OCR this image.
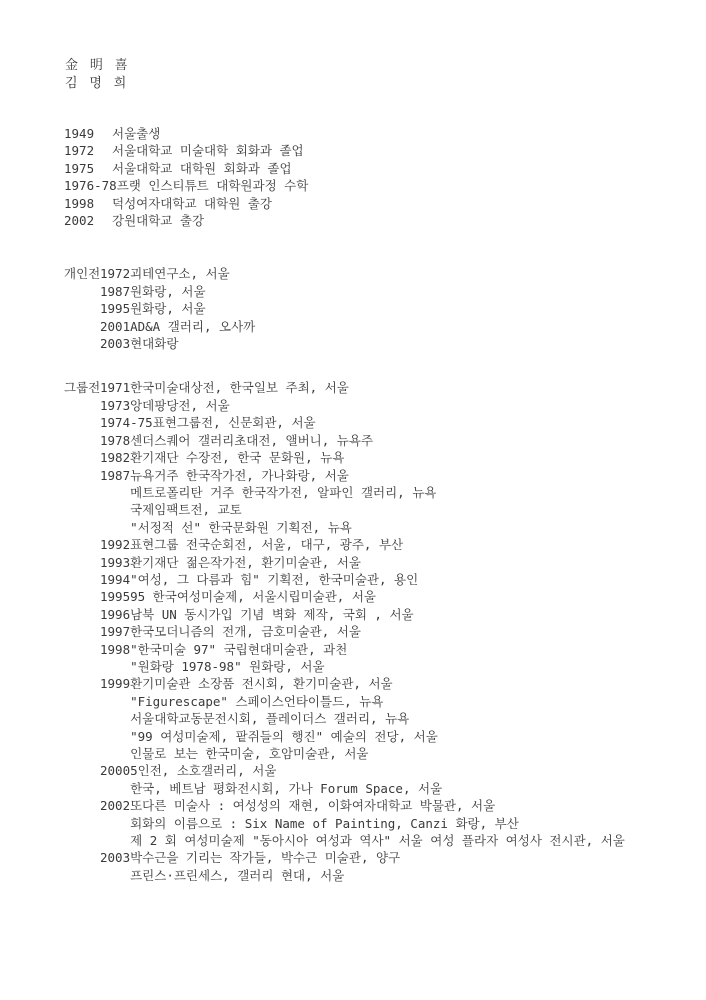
金 明 喜
김 명 희
1949	서울출생
1972	서울대학교 미술대학 회화과 졸업
1975	서울대학교 대학원 회화과 졸업
1976-78 프랫 인스티튜트 대학원과정 수학
1998	덕성여자대학교 대학원 출강
2002	강원대학교 출강
개인전 1972 괴테연구소, 서울
1987 원화랑, 서울
1995 원화랑, 서울
2001 AD&A 갤러리, 오사까
2003 현대화랑
그룹전 1971 한국미술대상전, 한국일보 주최, 서울
1973 앙데팡당전, 서울
1974-75 표현그룹전, 신문회관, 서울
1978 센더스퀘어 갤러리초대전, 앨버니, 뉴욕주
1982 환기재단 수장전, 한국 문화원, 뉴욕
1987 뉴욕거주 한국작가전, 가나화랑, 서울
메트로폴리탄 거주 한국작가전, 알파인 갤러리, 뉴욕
국제임팩트전, 교토
"서정적 선" 한국문화원 기획전, 뉴욕
1992 표현그룹 전국순회전, 서울, 대구, 광주, 부산
1993 환기재단 젊은작가전, 환기미술관, 서울
1994 "여성, 그 다름과 힘" 기획전, 한국미술관, 용인
1995 95 한국여성미술제, 서울시립미술관, 서울
1996 남북 UN 동시가입 기념 벽화 제작, 국회 , 서울
1997 한국모더니즘의 전개, 금호미술관, 서울
1998 "한국미술 97" 국립현대미술관, 과천
"원화랑 1978-98" 원화랑, 서울
1999 환기미술관 소장품 전시회, 환기미술관, 서울
"Figurescape" 스페이스언타이틀드, 뉴욕
서울대학교동문전시회, 플레이더스 갤러리, 뉴욕
"99 여성미술제, 팥쥐들의 행진" 예술의 전당, 서울
인물로 보는 한국미술, 호암미술관, 서울
2000 5인전, 소호갤러리, 서울
한국, 베트남 평화전시회, 가나 Forum Space, 서울
2002 또다른 미술사 : 여성성의 재현, 이화여자대학교 박물관, 서울
회화의 이름으로 : Six Name of Painting, Canzi 화랑, 부산
제 2 회 여성미술제 "동아시아 여성과 역사" 서울 여성 플라자 여성사 전시관, 서울
2003 박수근을 기리는 작가들, 박수근 미술관, 양구
프린스·프린세스, 갤러리 현대, 서울
